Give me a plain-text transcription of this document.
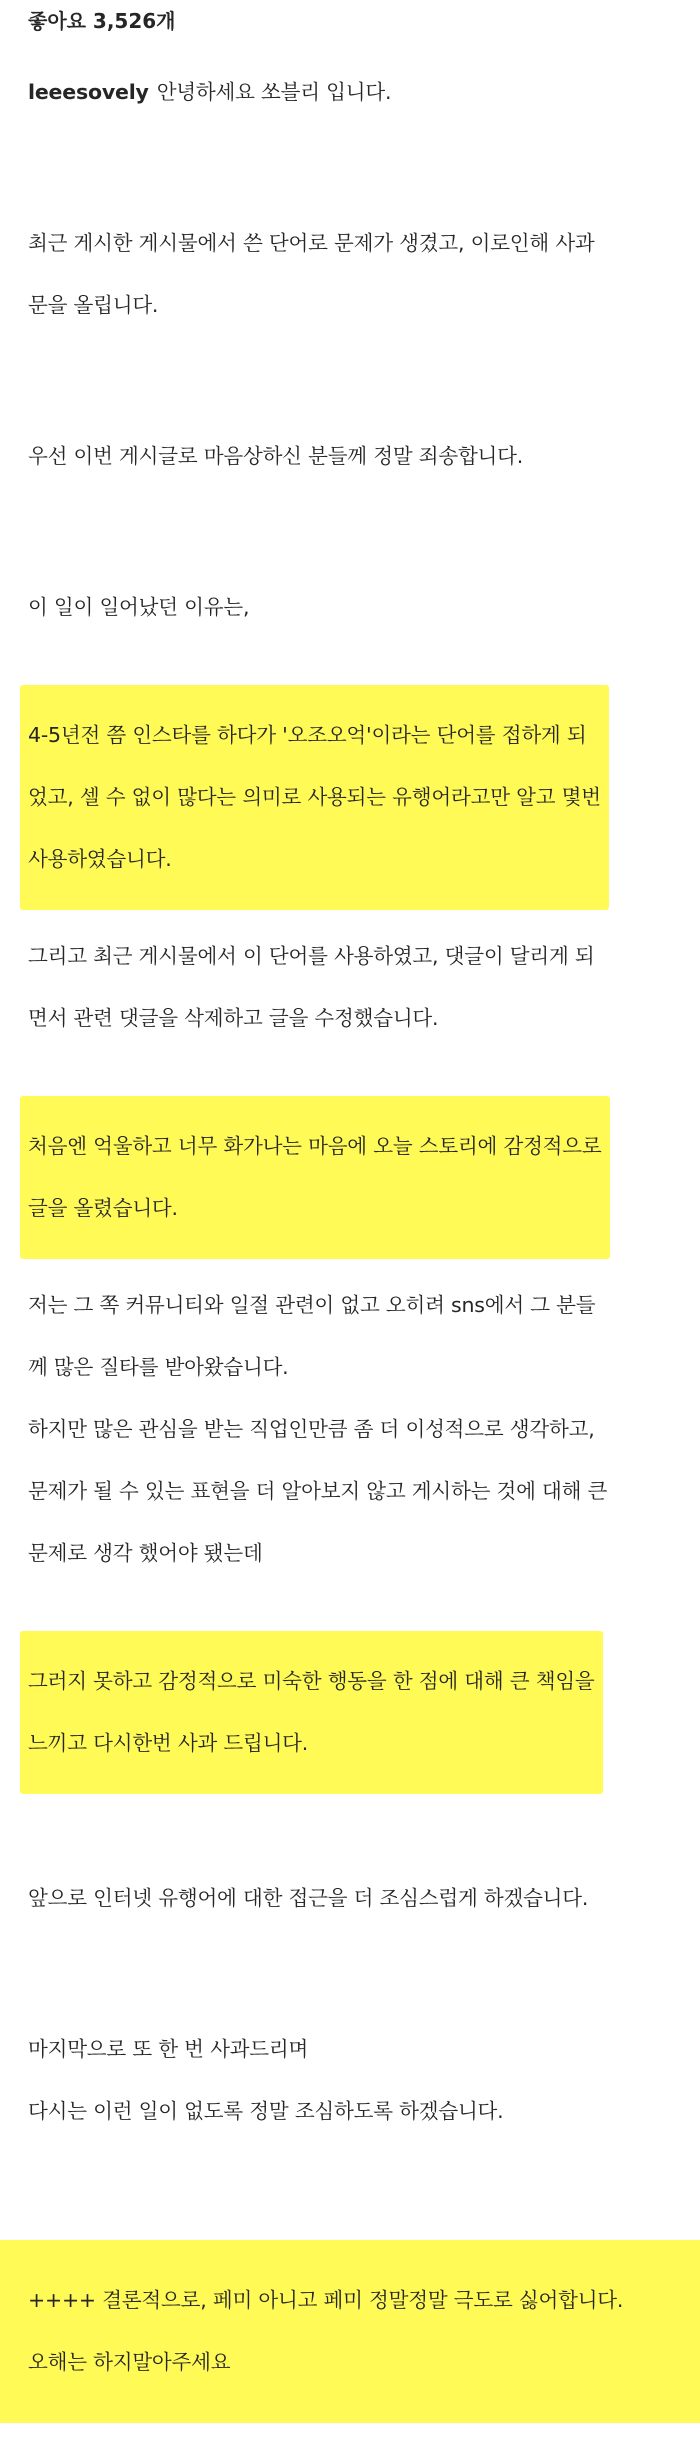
좋아요 3,526개

leeesovely 안녕하세요 쏘블리 입니다.

최근 게시한 게시물에서 쓴 단어로 문제가 생겼고, 이로인해 사과

문을 올립니다.

우선 이번 게시글로 마음상하신 분들께 정말 죄송합니다.

이 일이 일어났던 이유는,

4-5년전 쯤 인스타를 하다가 '오조오억'이라는 단어를 접하게 되

었고, 셀 수 없이 많다는 의미로 사용되는 유행어라고만 알고 몇번

사용하였습니다.

그리고 최근 게시물에서 이 단어를 사용하였고, 댓글이 달리게 되

면서 관련 댓글을 삭제하고 글을 수정했습니다.

처음엔 억울하고 너무 화가나는 마음에 오늘 스토리에 감정적으로

글을 올렸습니다.

저는 그 쪽 커뮤니티와 일절 관련이 없고 오히려 sns에서 그 분들

께 많은 질타를 받아왔습니다.

하지만 많은 관심을 받는 직업인만큼 좀 더 이성적으로 생각하고,

문제가 될 수 있는 표현을 더 알아보지 않고 게시하는 것에 대해 큰

문제로 생각 했어야 됐는데

그러지 못하고 감정적으로 미숙한 행동을 한 점에 대해 큰 책임을

느끼고 다시한번 사과 드립니다.

앞으로 인터넷 유행어에 대한 접근을 더 조심스럽게 하겠습니다.

마지막으로 또 한 번 사과드리며

다시는 이런 일이 없도록 정말 조심하도록 하겠습니다.

++++ 결론적으로, 페미 아니고 페미 정말정말 극도로 싫어합니다.

오해는 하지말아주세요
